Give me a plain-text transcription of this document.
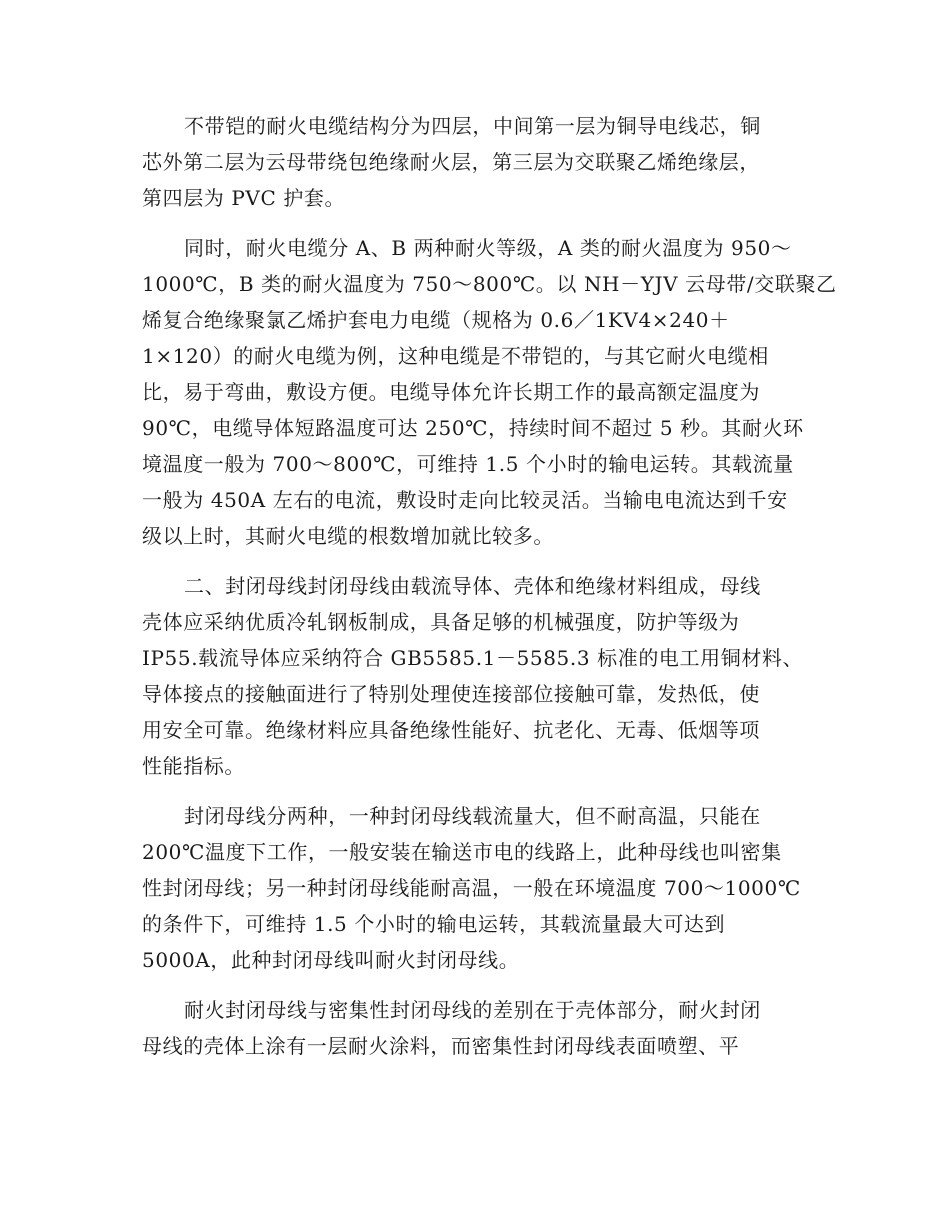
不带铠的耐火电缆结构分为四层，中间第一层为铜导电线芯，铜
芯外第二层为云母带绕包绝缘耐火层，第三层为交联聚乙烯绝缘层，
第四层为 PVC 护套。

同时，耐火电缆分 A、B 两种耐火等级，A 类的耐火温度为 950～
1000℃，B 类的耐火温度为 750～800℃。以 NH－YJV 云母带/交联聚乙
烯复合绝缘聚氯乙烯护套电力电缆（规格为 0.6／1KV4×240＋
1×120）的耐火电缆为例，这种电缆是不带铠的，与其它耐火电缆相
比，易于弯曲，敷设方便。电缆导体允许长期工作的最高额定温度为
90℃，电缆导体短路温度可达 250℃，持续时间不超过 5 秒。其耐火环
境温度一般为 700～800℃，可维持 1.5 个小时的输电运转。其载流量
一般为 450A 左右的电流，敷设时走向比较灵活。当输电电流达到千安
级以上时，其耐火电缆的根数增加就比较多。

二、封闭母线封闭母线由载流导体、壳体和绝缘材料组成，母线
壳体应采纳优质冷轧钢板制成，具备足够的机械强度，防护等级为
IP55.载流导体应采纳符合 GB5585.1－5585.3 标准的电工用铜材料、
导体接点的接触面进行了特别处理使连接部位接触可靠，发热低，使
用安全可靠。绝缘材料应具备绝缘性能好、抗老化、无毒、低烟等项
性能指标。

封闭母线分两种，一种封闭母线载流量大，但不耐高温，只能在
200℃温度下工作，一般安装在输送市电的线路上，此种母线也叫密集
性封闭母线；另一种封闭母线能耐高温，一般在环境温度 700～1000℃
的条件下，可维持 1.5 个小时的输电运转，其载流量最大可达到
5000A，此种封闭母线叫耐火封闭母线。

耐火封闭母线与密集性封闭母线的差别在于壳体部分，耐火封闭
母线的壳体上涂有一层耐火涂料，而密集性封闭母线表面喷塑、平
